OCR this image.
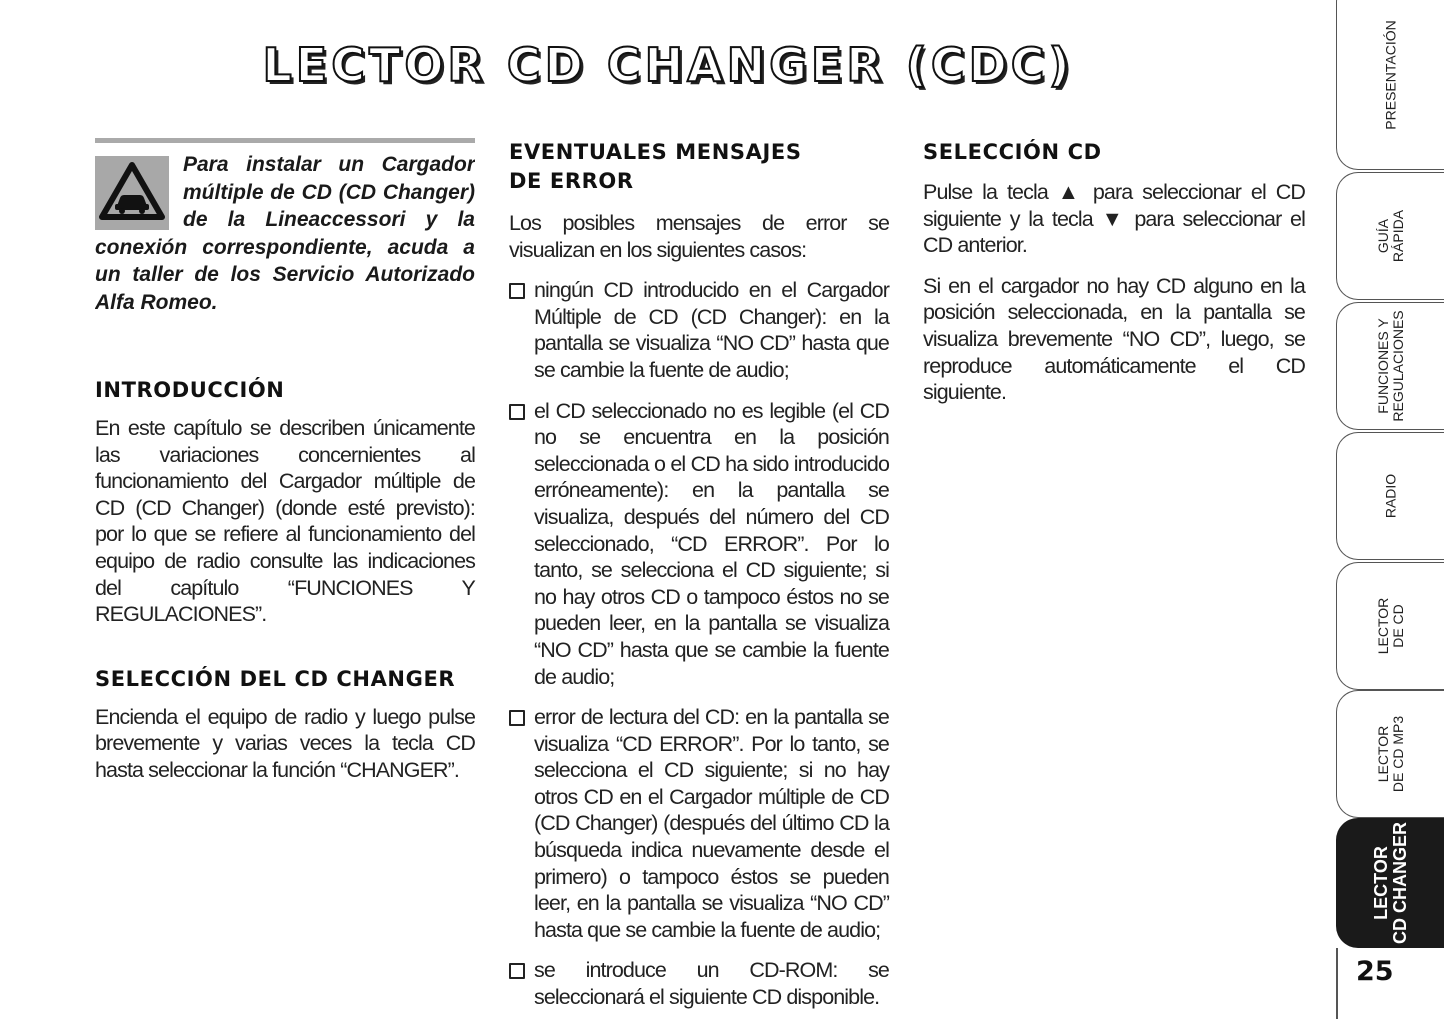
LECTOR CD CHANGER (CDC)

Para instalar un Cargador múltiple de CD (CD Changer) de la Lineaccessori y la conexión correspondiente, acuda a un taller de los Servicio Autorizado Alfa Romeo.

INTRODUCCIÓN

En este capítulo se describen únicamente las variaciones concernientes al funcionamiento del Cargador múltiple de CD (CD Changer) (donde esté previsto): por lo que se refiere al funcionamiento del equipo de radio consulte las indicaciones del capítulo “FUNCIONES Y REGULACIONES”.

SELECCIÓN DEL CD CHANGER

Encienda el equipo de radio y luego pulse brevemente y varias veces la tecla CD hasta seleccionar la función “CHANGER”.

EVENTUALES MENSAJES
DE ERROR

Los posibles mensajes de error se visualizan en los siguientes casos:

ningún CD introducido en el Cargador Múltiple de CD (CD Changer): en la pantalla se visualiza “NO CD” hasta que se cambie la fuente de audio;

el CD seleccionado no es legible (el CD no se encuentra en la posición seleccionada o el CD ha sido introducido erróneamente): en la pantalla se visualiza, después del número del CD seleccionado, “CD ERROR”. Por lo tanto, se selecciona el CD siguiente; si no hay otros CD o tampoco éstos no se pueden leer, en la pantalla se visualiza “NO CD” hasta que se cambie la fuente de audio;

error de lectura del CD: en la pantalla se visualiza “CD ERROR”. Por lo tanto, se selecciona el CD siguiente; si no hay otros CD en el Cargador múltiple de CD (CD Changer) (después del último CD la búsqueda indica nuevamente desde el primero) o tampoco éstos se pueden leer, en la pantalla se visualiza “NO CD” hasta que se cambie la fuente de audio;

se introduce un CD-ROM: se seleccionará el siguiente CD disponible.

SELECCIÓN CD

Pulse la tecla ▲ para seleccionar el CD siguiente y la tecla ▼ para seleccionar el CD anterior.

Si en el cargador no hay CD alguno en la posición seleccionada, en la pantalla se visualiza brevemente “NO CD”, luego, se reproduce automáticamente el CD siguiente.

PRESENTACIÓN
GUÍA
RÁPIDA
FUNCIONES Y
REGULACIONES
RADIO
LECTOR
DE CD
LECTOR
DE CD MP3
LECTOR
CD CHANGER
25
